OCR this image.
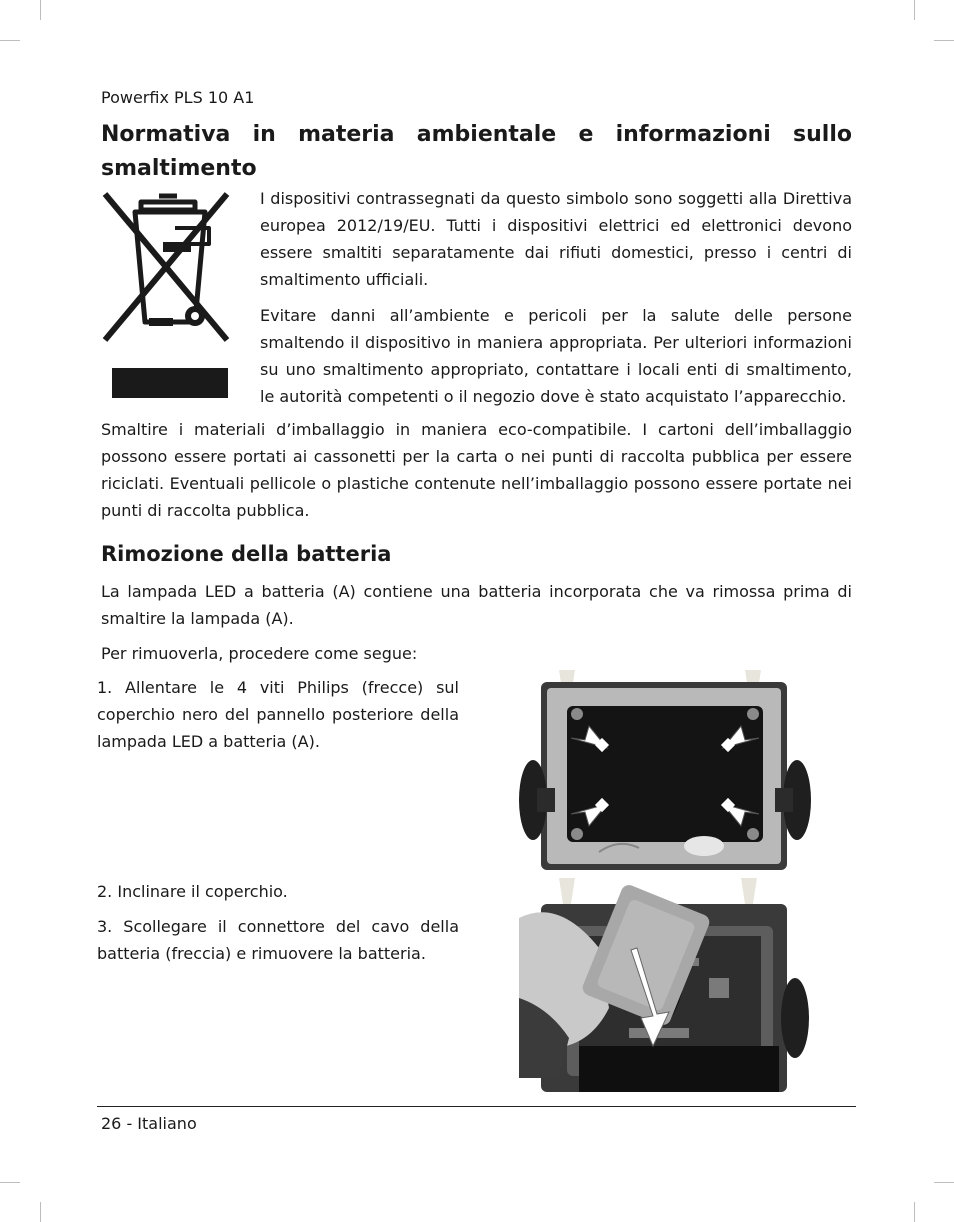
Powerfix PLS 10 A1
Normativa in materia ambientale e informazioni sullo smaltimento

I dispositivi contrassegnati da questo simbolo sono soggetti alla Direttiva europea 2012/19/EU. Tutti i dispositivi elettrici ed elettronici devono essere smaltiti separatamente dai rifiuti domestici, presso i centri di smaltimento ufficiali.

Evitare danni all’ambiente e pericoli per la salute delle persone smaltendo il dispositivo in maniera appropriata. Per ulteriori informazioni su uno smaltimento appropriato, contattare i locali enti di smaltimento, le autorità competenti o il negozio dove è stato acquistato l’apparecchio.

Smaltire i materiali d’imballaggio in maniera eco-compatibile. I cartoni dell’imballaggio possono essere portati ai cassonetti per la carta o nei punti di raccolta pubblica per essere riciclati. Eventuali pellicole o plastiche contenute nell’imballaggio possono essere portate nei punti di raccolta pubblica.

Rimozione della batteria

La lampada LED a batteria (A) contiene una batteria incorporata che va rimossa prima di smaltire la lampada (A).

Per rimuoverla, procedere come segue:

1. Allentare le 4 viti Philips (frecce) sul coperchio nero del pannello posteriore della lampada LED a batteria (A).

2. Inclinare il coperchio.

3. Scollegare il connettore del cavo della batteria (freccia) e rimuovere la batteria.

26 - Italiano
